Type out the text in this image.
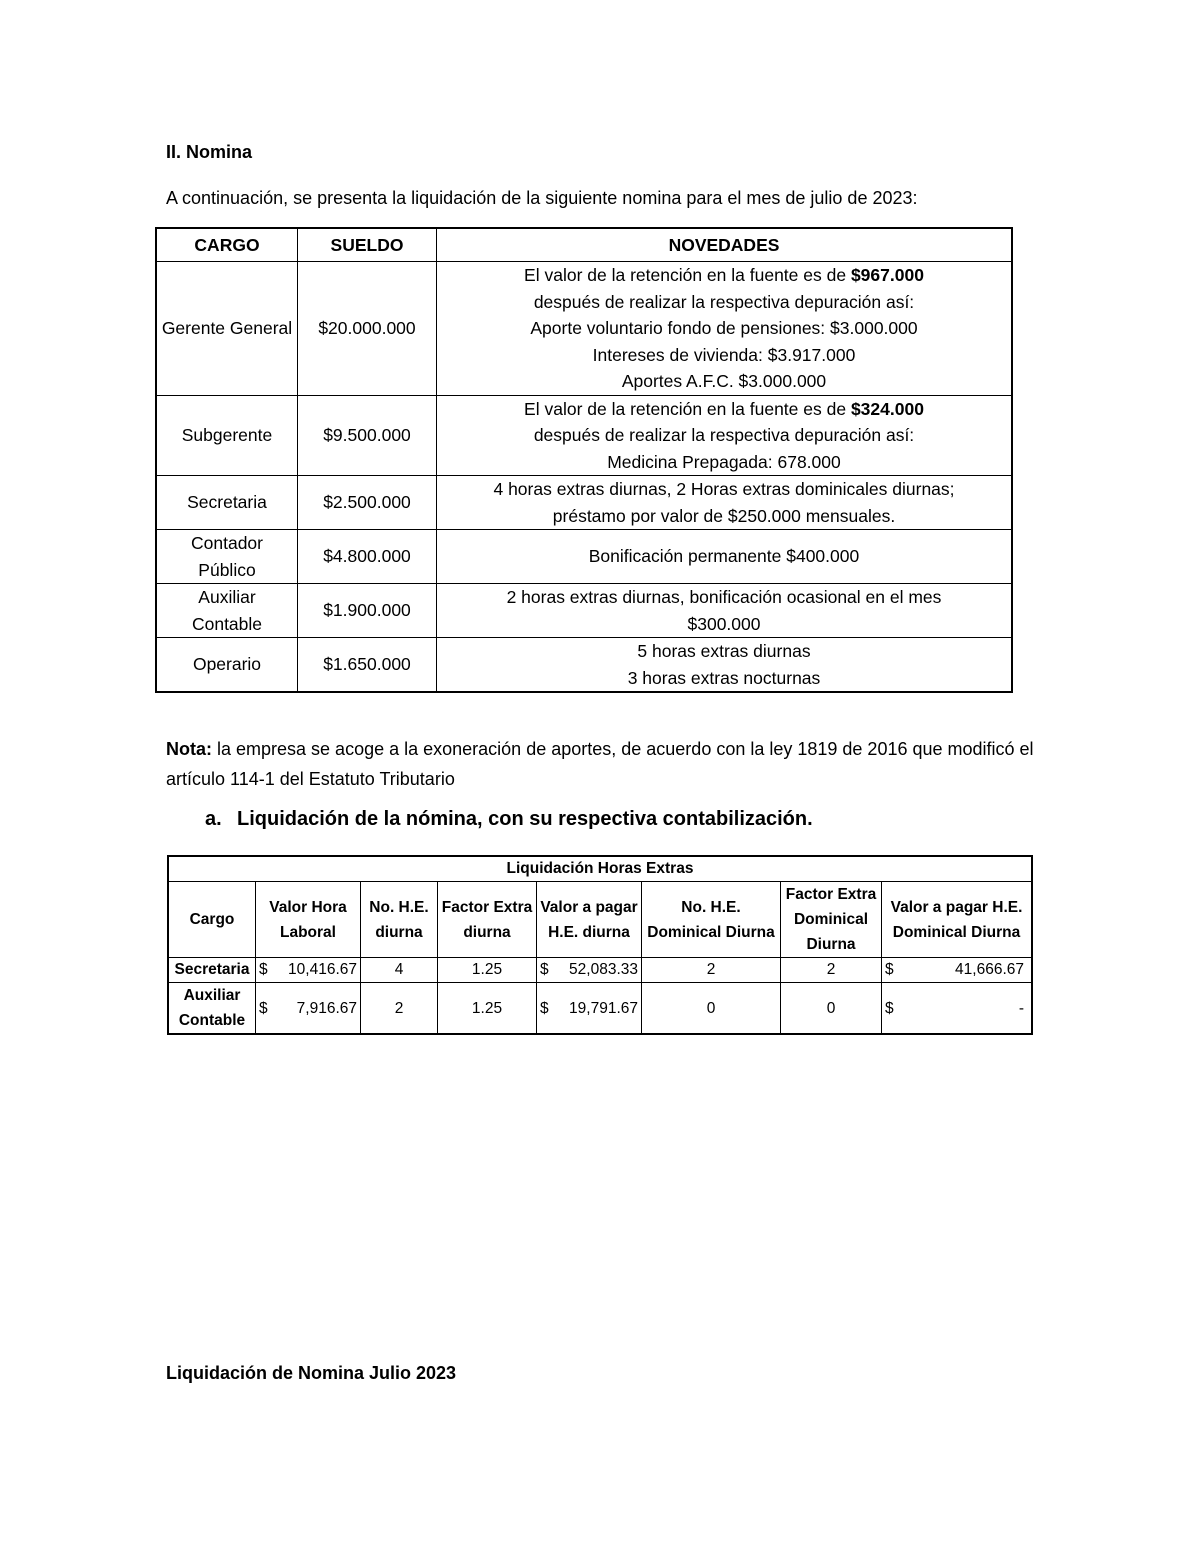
II. Nomina
A continuación, se presenta la liquidación de la siguiente nomina para el mes de julio de 2023:
CARGO	SUELDO	NOVEDADES
Gerente General	$20.000.000	El valor de la retención en la fuente es de $967.000
después de realizar la respectiva depuración así:
Aporte voluntario fondo de pensiones: $3.000.000
Intereses de vivienda: $3.917.000
Aportes A.F.C. $3.000.000

Subgerente	$9.500.000	El valor de la retención en la fuente es de $324.000
después de realizar la respectiva depuración así:
Medicina Prepagada: 678.000

Secretaria	$2.500.000	4 horas extras diurnas, 2 Horas extras dominicales diurnas;
préstamo por valor de $250.000 mensuales.

Contador Público	$4.800.000	Bonificación permanente $400.000

Auxiliar Contable	$1.900.000	2 horas extras diurnas, bonificación ocasional en el mes
$300.000

Operario	$1.650.000	5 horas extras diurnas
3 horas extras nocturnas
Nota: la empresa se acoge a la exoneración de aportes, de acuerdo con la ley 1819 de 2016 que modificó el artículo 114-1 del Estatuto Tributario
a. Liquidación de la nómina, con su respectiva contabilización.
Liquidación Horas Extras							
Cargo	Valor Hora Laboral	No. H.E. diurna	Factor Extra diurna	Valor a pagar H.E. diurna	No. H.E. Dominical Diurna	Factor Extra Dominical Diurna	Valor a pagar H.E. Dominical Diurna
Secretaria	$ 10,416.67	4	1.25	$ 52,083.33	2	2	$ 41,666.67

Auxiliar Contable	$ 7,916.67	2	1.25	$ 19,791.67	0	0	$ -
Liquidación de Nomina Julio 2023
